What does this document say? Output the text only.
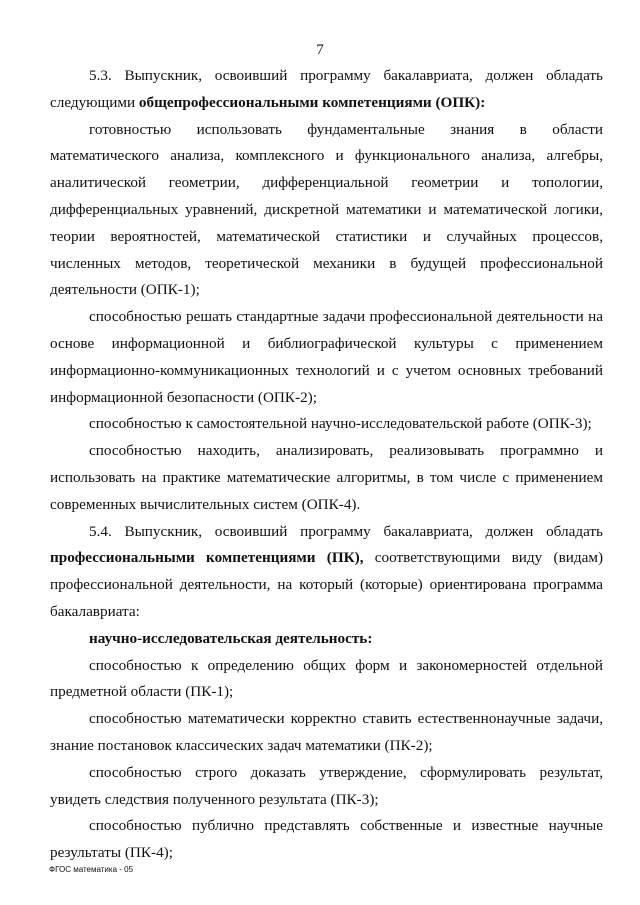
7

5.3. Выпускник, освоивший программу бакалавриата, должен обладать следующими общепрофессиональными компетенциями (ОПК):

готовностью использовать фундаментальные знания в области математического анализа, комплексного и функционального анализа, алгебры, аналитической геометрии, дифференциальной геометрии и топологии, дифференциальных уравнений, дискретной математики и математической логики, теории вероятностей, математической статистики и случайных процессов, численных методов, теоретической механики в будущей профессиональной деятельности (ОПК-1);

способностью решать стандартные задачи профессиональной деятельности на основе информационной и библиографической культуры с применением информационно-коммуникационных технологий и с учетом основных требований информационной безопасности (ОПК-2);

способностью к самостоятельной научно-исследовательской работе (ОПК-3);

способностью находить, анализировать, реализовывать программно и использовать на практике математические алгоритмы, в том числе с применением современных вычислительных систем (ОПК-4).

5.4. Выпускник, освоивший программу бакалавриата, должен обладать профессиональными компетенциями (ПК), соответствующими виду (видам) профессиональной деятельности, на который (которые) ориентирована программа бакалавриата:

научно-исследовательская деятельность:

способностью к определению общих форм и закономерностей отдельной предметной области (ПК-1);

способностью математически корректно ставить естественнонаучные задачи, знание постановок классических задач математики (ПК-2);

способностью строго доказать утверждение, сформулировать результат, увидеть следствия полученного результата (ПК-3);

способностью публично представлять собственные и известные научные результаты (ПК-4);

ФГОС математика - 05
